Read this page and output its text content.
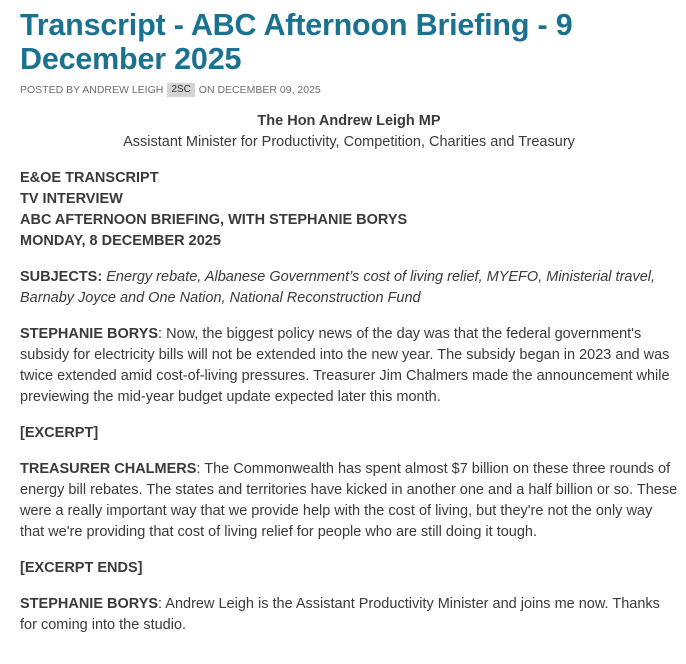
Transcript - ABC Afternoon Briefing - 9 December 2025
POSTED BY ANDREW LEIGH 2SC ON DECEMBER 09, 2025
The Hon Andrew Leigh MP
Assistant Minister for Productivity, Competition, Charities and Treasury
E&OE TRANSCRIPT
TV INTERVIEW
ABC AFTERNOON BRIEFING, WITH STEPHANIE BORYS
MONDAY, 8 DECEMBER 2025

SUBJECTS: Energy rebate, Albanese Government’s cost of living relief, MYEFO, Ministerial travel, Barnaby Joyce and One Nation, National Reconstruction Fund

STEPHANIE BORYS: Now, the biggest policy news of the day was that the federal government's subsidy for electricity bills will not be extended into the new year. The subsidy began in 2023 and was twice extended amid cost-of-living pressures. Treasurer Jim Chalmers made the announcement while previewing the mid-year budget update expected later this month.

[EXCERPT]

TREASURER CHALMERS: The Commonwealth has spent almost $7 billion on these three rounds of energy bill rebates. The states and territories have kicked in another one and a half billion or so. These were a really important way that we provide help with the cost of living, but they're not the only way that we're providing that cost of living relief for people who are still doing it tough.

[EXCERPT ENDS]

STEPHANIE BORYS: Andrew Leigh is the Assistant Productivity Minister and joins me now. Thanks for coming into the studio.
